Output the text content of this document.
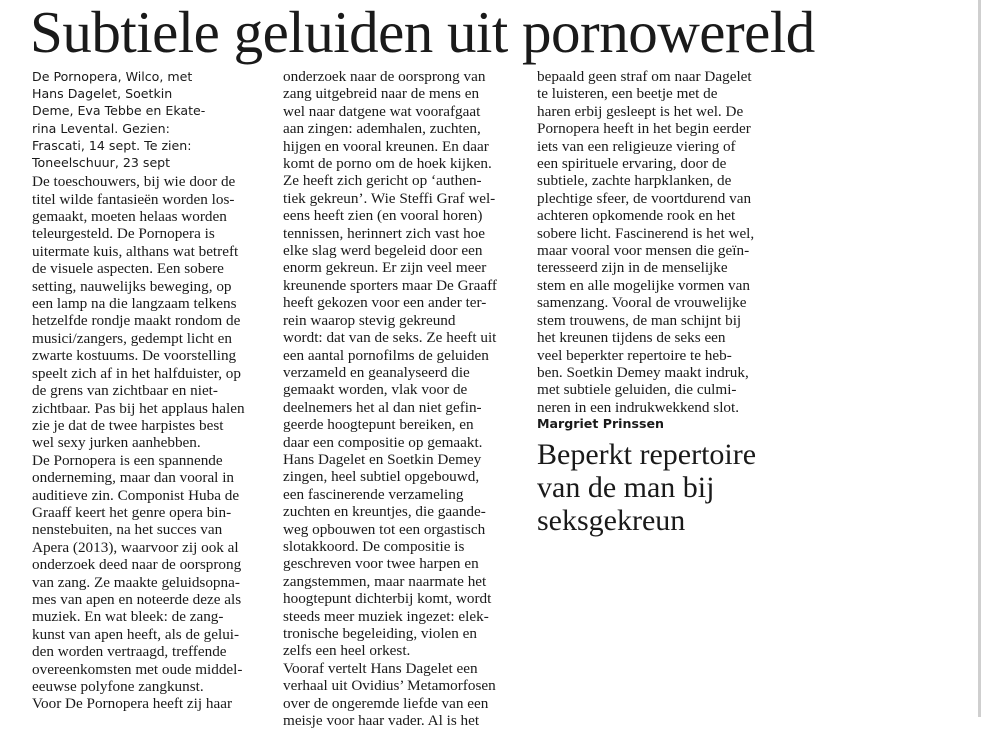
Subtiele geluiden uit pornowereld
De Pornopera, Wilco, met
Hans Dagelet, Soetkin
Deme, Eva Tebbe en Ekate-
rina Levental. Gezien:
Frascati, 14 sept. Te zien:
Toneelschuur, 23 sept

De toeschouwers, bij wie door de
titel wilde fantasieën worden los-
gemaakt, moeten helaas worden
teleurgesteld. De Pornopera is
uitermate kuis, althans wat betreft
de visuele aspecten. Een sobere
setting, nauwelijks beweging, op
een lamp na die langzaam telkens
hetzelfde rondje maakt rondom de
musici/zangers, gedempt licht en
zwarte kostuums. De voorstelling
speelt zich af in het halfduister, op
de grens van zichtbaar en niet-
zichtbaar. Pas bij het applaus halen
zie je dat de twee harpistes best
wel sexy jurken aanhebben.

De Pornopera is een spannende
onderneming, maar dan vooral in
auditieve zin. Componist Huba de
Graaff keert het genre opera bin-
nenstebuiten, na het succes van
Apera (2013), waarvoor zij ook al
onderzoek deed naar de oorsprong
van zang. Ze maakte geluidsopna-
mes van apen en noteerde deze als
muziek. En wat bleek: de zang-
kunst van apen heeft, als de gelui-
den worden vertraagd, treffende
overeenkomsten met oude middel-
eeuwse polyfone zangkunst.

Voor De Pornopera heeft zij haar

onderzoek naar de oorsprong van
zang uitgebreid naar de mens en
wel naar datgene wat voorafgaat
aan zingen: ademhalen, zuchten,
hijgen en vooral kreunen. En daar
komt de porno om de hoek kijken.
Ze heeft zich gericht op ‘authen-
tiek gekreun’. Wie Steffi Graf wel-
eens heeft zien (en vooral horen)
tennissen, herinnert zich vast hoe
elke slag werd begeleid door een
enorm gekreun. Er zijn veel meer
kreunende sporters maar De Graaff
heeft gekozen voor een ander ter-
rein waarop stevig gekreund
wordt: dat van de seks. Ze heeft uit
een aantal pornofilms de geluiden
verzameld en geanalyseerd die
gemaakt worden, vlak voor de
deelnemers het al dan niet gefin-
geerde hoogtepunt bereiken, en
daar een compositie op gemaakt.
Hans Dagelet en Soetkin Demey
zingen, heel subtiel opgebouwd,
een fascinerende verzameling
zuchten en kreuntjes, die gaande-
weg opbouwen tot een orgastisch
slotakkoord. De compositie is
geschreven voor twee harpen en
zangstemmen, maar naarmate het
hoogtepunt dichterbij komt, wordt
steeds meer muziek ingezet: elek-
tronische begeleiding, violen en
zelfs een heel orkest.

Vooraf vertelt Hans Dagelet een
verhaal uit Ovidius’ Metamorfosen
over de ongeremde liefde van een
meisje voor haar vader. Al is het

bepaald geen straf om naar Dagelet
te luisteren, een beetje met de
haren erbij gesleept is het wel. De
Pornopera heeft in het begin eerder
iets van een religieuze viering of
een spirituele ervaring, door de
subtiele, zachte harpklanken, de
plechtige sfeer, de voortdurend van
achteren opkomende rook en het
sobere licht. Fascinerend is het wel,
maar vooral voor mensen die geïn-
teresseerd zijn in de menselijke
stem en alle mogelijke vormen van
samenzang. Vooral de vrouwelijke
stem trouwens, de man schijnt bij
het kreunen tijdens de seks een
veel beperkter repertoire te heb-
ben. Soetkin Demey maakt indruk,
met subtiele geluiden, die culmi-
neren in een indrukwekkend slot.

Margriet Prinssen

Beperkt repertoire
van de man bij
seksgekreun
